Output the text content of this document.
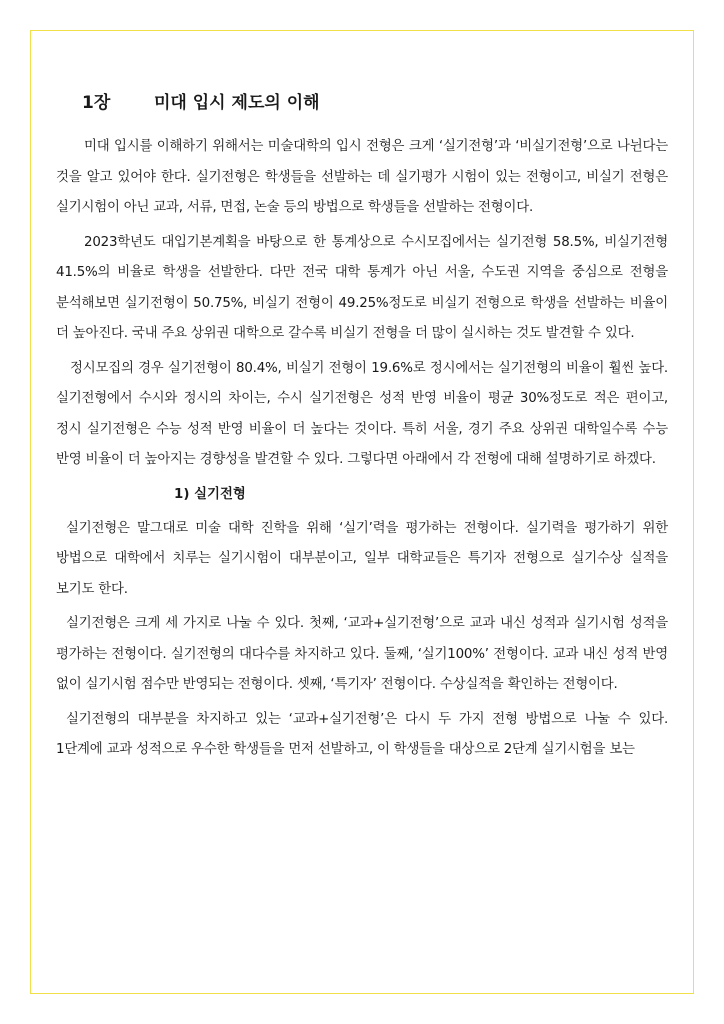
1장	미대 입시 제도의 이해

미대 입시를 이해하기 위해서는 미술대학의 입시 전형은 크게 ‘실기전형’과 ‘비실기전형’으로 나뉜다는 것을 알고 있어야 한다. 실기전형은 학생들을 선발하는 데 실기평가 시험이 있는 전형이고, 비실기 전형은 실기시험이 아닌 교과, 서류, 면접, 논술 등의 방법으로 학생들을 선발하는 전형이다.

2023학년도 대입기본계획을 바탕으로 한 통계상으로 수시모집에서는 실기전형 58.5%, 비실기전형 41.5%의 비율로 학생을 선발한다. 다만 전국 대학 통계가 아닌 서울, 수도권 지역을 중심으로 전형을 분석해보면 실기전형이 50.75%, 비실기 전형이 49.25%정도로 비실기 전형으로 학생을 선발하는 비율이 더 높아진다. 국내 주요 상위권 대학으로 갈수록 비실기 전형을 더 많이 실시하는 것도 발견할 수 있다.

정시모집의 경우 실기전형이 80.4%, 비실기 전형이 19.6%로 정시에서는 실기전형의 비율이 훨씬 높다. 실기전형에서 수시와 정시의 차이는, 수시 실기전형은 성적 반영 비율이 평균 30%정도로 적은 편이고, 정시 실기전형은 수능 성적 반영 비율이 더 높다는 것이다. 특히 서울, 경기 주요 상위권 대학일수록 수능 반영 비율이 더 높아지는 경향성을 발견할 수 있다. 그렇다면 아래에서 각 전형에 대해 설명하기로 하겠다.

1) 실기전형

실기전형은 말그대로 미술 대학 진학을 위해 ‘실기’력을 평가하는 전형이다. 실기력을 평가하기 위한 방법으로 대학에서 치루는 실기시험이 대부분이고, 일부 대학교들은 특기자 전형으로 실기수상 실적을 보기도 한다.

실기전형은 크게 세 가지로 나눌 수 있다. 첫째, ‘교과+실기전형’으로 교과 내신 성적과 실기시험 성적을 평가하는 전형이다. 실기전형의 대다수를 차지하고 있다. 둘째, ‘실기100%’ 전형이다. 교과 내신 성적 반영 없이 실기시험 점수만 반영되는 전형이다. 셋째, ‘특기자’ 전형이다. 수상실적을 확인하는 전형이다.

실기전형의 대부분을 차지하고 있는 ‘교과+실기전형’은 다시 두 가지 전형 방법으로 나눌 수 있다. 1단계에 교과 성적으로 우수한 학생들을 먼저 선발하고, 이 학생들을 대상으로 2단계 실기시험을 보는
